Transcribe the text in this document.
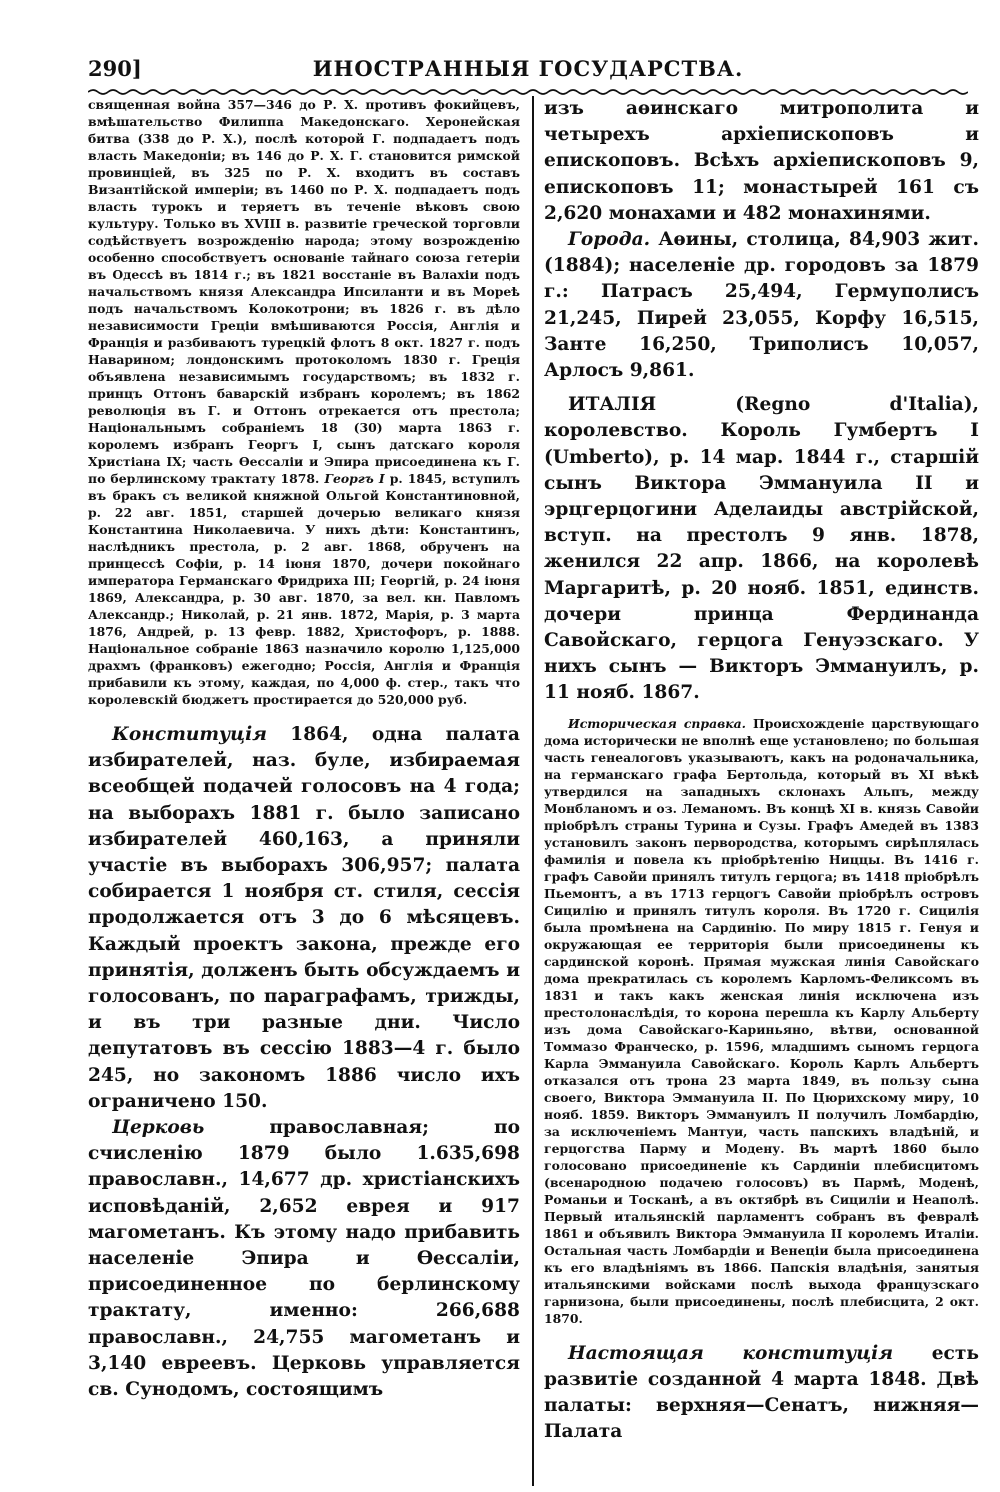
290]	ИНОСТРАННЫЯ ГОСУДАРСТВА.

священная война 357—346 до Р. Х. противъ фокийцевъ, вмѣшательство Филиппа Македонскаго. Херонейская битва (338 до Р. Х.), послѣ которой Г. подпадаетъ подъ власть Македоніи; въ 146 до Р. Х. Г. становится римской провинціей, въ 325 по Р. Х. входитъ въ составъ Византійской имперіи; въ 1460 по Р. Х. подпадаетъ подъ власть турокъ и теряетъ въ теченіе вѣковъ свою культуру. Только въ XVIII в. развитіе греческой торговли содѣйствуетъ возрожденію народа; этому возрожденію особенно способствуетъ основаніе тайнаго союза гетеріи въ Одессѣ въ 1814 г.; въ 1821 восстаніе въ Валахіи подъ начальствомъ князя Александра Ипсиланти и въ Мореѣ подъ начальствомъ Колокотрони; въ 1826 г. въ дѣло независимости Греціи вмѣшиваются Россія, Англія и Франція и разбиваютъ турецкій флотъ 8 окт. 1827 г. подъ Наварином; лондонскимъ протоколомъ 1830 г. Греція объявлена независимымъ государствомъ; въ 1832 г. принцъ Оттонъ баварскій избранъ королемъ; въ 1862 революція въ Г. и Оттонъ отрекается отъ престола; Національнымъ собраніемъ 18 (30) марта 1863 г. королемъ избранъ Георгъ I, сынъ датскаго короля Христіана IX; часть Ѳессаліи и Эпира присоединена къ Г. по берлинскому трактату 1878. Георгъ I р. 1845, вступилъ въ бракъ съ великой княжной Ольгой Константиновной, р. 22 авг. 1851, старшей дочерью великаго князя Константина Николаевича. У нихъ дѣти: Константинъ, наслѣдникъ престола, р. 2 авг. 1868, обрученъ на принцессѣ Софіи, р. 14 іюня 1870, дочери покойнаго императора Германскаго Фридриха III; Георгій, р. 24 іюня 1869, Александра, р. 30 авг. 1870, за вел. кн. Павломъ Александр.; Николай, р. 21 янв. 1872, Марія, р. 3 марта 1876, Андрей, р. 13 февр. 1882, Христофоръ, р. 1888. Національное собраніе 1863 назначило королю 1,125,000 драхмъ (франковъ) ежегодно; Россія, Англія и Франція прибавили къ этому, каждая, по 4,000 ф. стер., такъ что королевскій бюджетъ простирается до 520,000 руб.

Конституція 1864, одна палата избирателей, наз. буле, избираемая всеобщей подачей голосовъ на 4 года; на выборахъ 1881 г. было записано избирателей 460,163, а приняли участіе въ выборахъ 306,957; палата собирается 1 ноября ст. стиля, сессія продолжается отъ 3 до 6 мѣсяцевъ. Каждый проектъ закона, прежде его принятія, долженъ быть обсуждаемъ и голосованъ, по параграфамъ, трижды, и въ три разные дни. Число депутатовъ въ сессію 1883—4 г. было 245, но закономъ 1886 число ихъ ограничено 150.

Церковь	православная; по счисленію 1879 было 1.635,698 православн., 14,677 др. христіанскихъ исповѣданій, 2,652 еврея и 917 магометанъ. Къ этому надо прибавить населеніе Эпира и Ѳессаліи, присоединенное по берлинскому трактату, именно: 266,688 православн., 24,755 магометанъ и 3,140 евреевъ. Церковь управляется св. Сунодомъ, состоящимъ

изъ аѳинскаго митрополита и четырехъ архіепископовъ и епископовъ. Всѣхъ архіепископовъ 9, епископовъ 11; монастырей 161 съ 2,620 монахами и 482 монахинями.

Города. Аѳины, столица, 84,903 жит. (1884); населеніе др. городовъ за 1879 г.: Патрасъ 25,494, Гермуполисъ 21,245, Пирей 23,055, Корфу 16,515, Занте 16,250, Триполисъ 10,057, Арлосъ 9,861.

ИТАЛІЯ (Regno d'Italia), королевство. Король Гумбертъ I (Umberto), р. 14 мар. 1844 г., старшій сынъ Виктора Эммануила II и эрцгерцогини Аделаиды австрійской, вступ. на престолъ 9 янв. 1878, женился 22 апр. 1866, на королевѣ Маргаритѣ, р. 20 нояб. 1851, единств. дочери принца Фердинанда Савойскаго, герцога Генуэзскаго. У нихъ сынъ — Викторъ Эммануилъ, р. 11 нояб. 1867.

Историческая справка. Происхожденіе царствующаго дома исторически не вполнѣ еще установлено; по большая часть генеалоговъ указываютъ, какъ на родоначальника, на германскаго графа Бертольда, который въ XI вѣкѣ утвердился на западныхъ склонахъ Альпъ, между Монбланомъ и оз. Леманомъ. Въ концѣ XI в. князь Савойи пріобрѣлъ страны Турина и Сузы. Графъ Амедей въ 1383 установилъ законъ первородства, которымъ сирѣплялась фамилія и повела къ пріобрѣтенію Ниццы. Въ 1416 г. графъ Савойи принялъ титулъ герцога; въ 1418 пріобрѣлъ Пьемонтъ, а въ 1713 герцогъ Савойи пріобрѣлъ островъ Сицилію и принялъ титулъ короля. Въ 1720 г. Сицилія была промѣнена на Сардинію. По миру 1815 г. Генуя и окружающая ее территорія были присоединены къ сардинской коронѣ. Прямая мужская линія Савойскаго дома прекратилась съ королемъ Карломъ-Феликсомъ въ 1831 и такъ какъ женская линія исключена изъ престолонаслѣдія, то корона перешла къ Карлу Альберту изъ дома Савойскаго-Кариньяно, вѣтви, основанной Томмазо Франческо, р. 1596, младшимъ сыномъ герцога Карла Эммануила Савойскаго. Король Карлъ Альбертъ отказался отъ трона 23 марта 1849, въ пользу сына своего, Виктора Эммануила II. По Цюрихскому миру, 10 нояб. 1859. Викторъ Эммануилъ II получилъ Ломбардію, за исключеніемъ Мантуи, часть папскихъ владѣній, и герцогства Парму и Модену. Въ мартѣ 1860 было голосовано присоединеніе къ Сардиніи плебисцитомъ (всенародною подачею голосовъ) въ Пармѣ, Моденѣ, Романьи и Тосканѣ, а въ октябрѣ въ Сициліи и Неаполѣ. Первый итальянскій парламентъ собранъ въ февралѣ 1861 и объявилъ Виктора Эммануила II королемъ Италіи. Остальная часть Ломбардіи и Венеціи была присоединена къ его владѣніямъ въ 1866. Папскія владѣнія, занятыя итальянскими войсками послѣ выхода французскаго гарнизона, были присоединены, послѣ плебисцита, 2 окт. 1870.

Настоящая конституція есть развитіе созданной 4 марта 1848. Двѣ палаты: верхняя—Сенатъ, нижняя—Палата
